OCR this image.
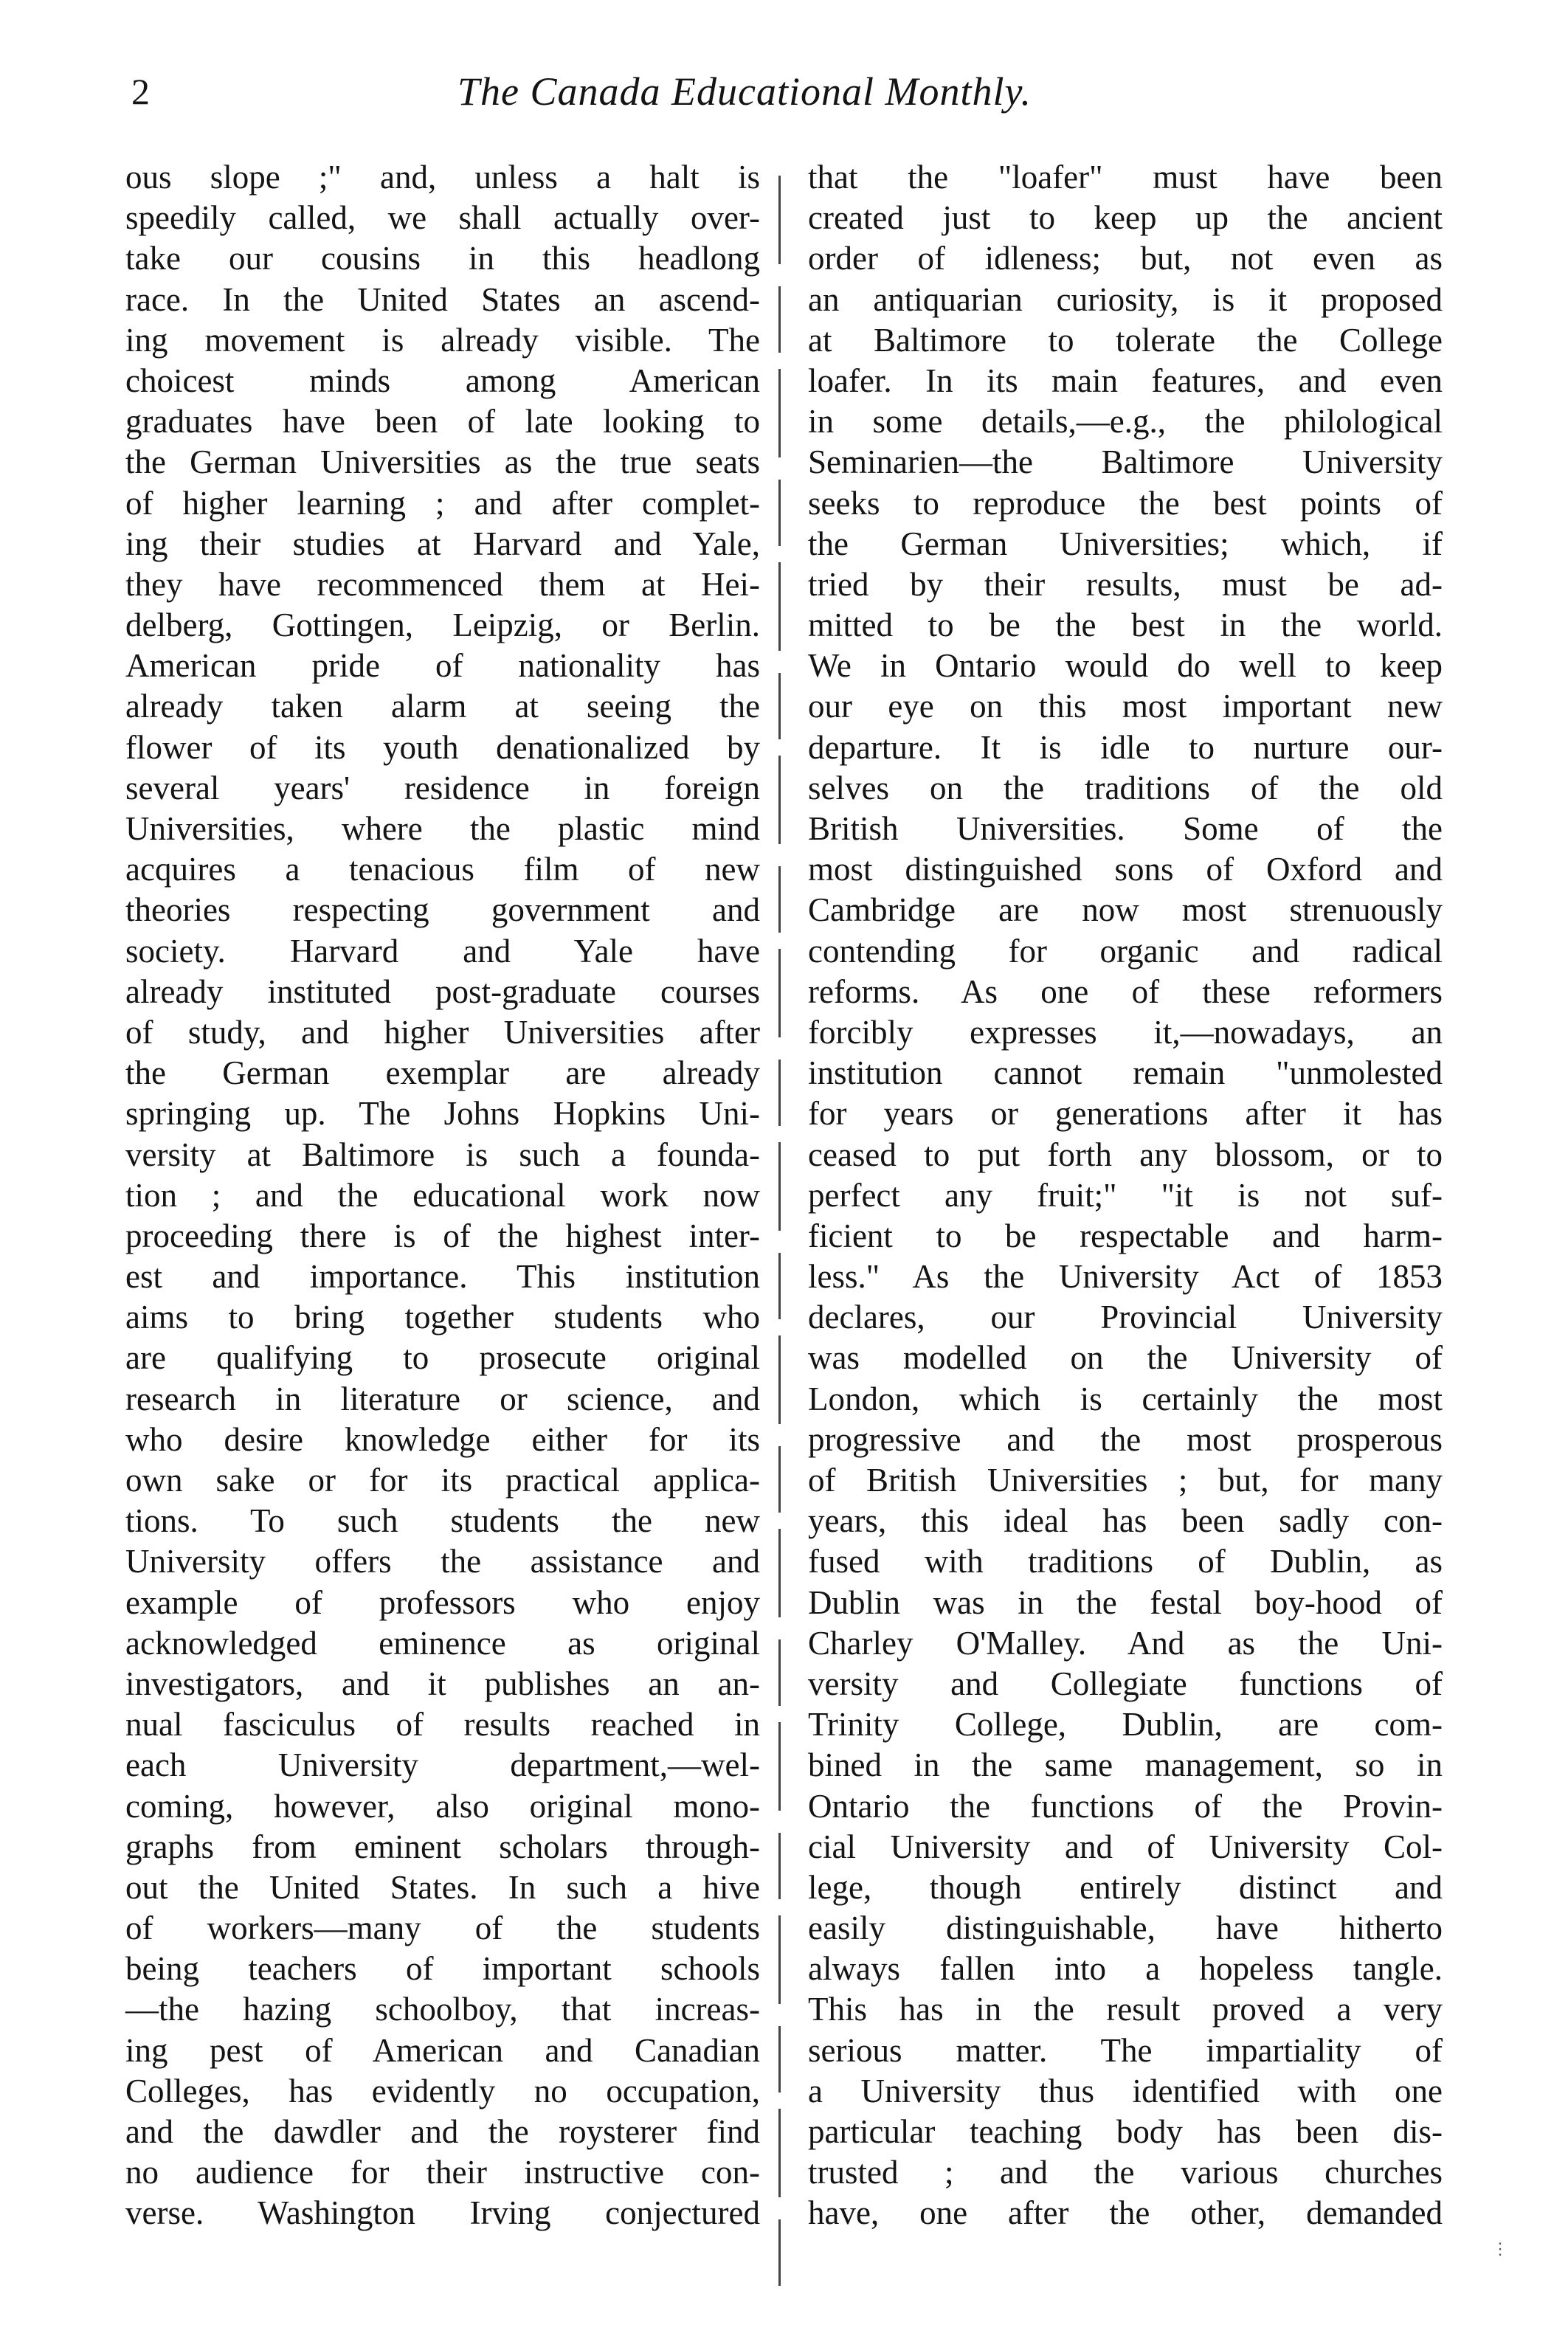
2	The Canada Educational Monthly.
ous slope ;" and, unless a halt is
speedily called, we shall actually over-
take our cousins in this headlong
race. In the United States an ascend-
ing movement is already visible. The
choicest minds among American
graduates have been of late looking to
the German Universities as the true seats
of higher learning ; and after complet-
ing their studies at Harvard and Yale,
they have recommenced them at Hei-
delberg, Gottingen, Leipzig, or Berlin.
American pride of nationality has
already taken alarm at seeing the
flower of its youth denationalized by
several years' residence in foreign
Universities, where the plastic mind
acquires a tenacious film of new
theories respecting government and
society. Harvard and Yale have
already instituted post-graduate courses
of study, and higher Universities after
the German exemplar are already
springing up. The Johns Hopkins Uni-
versity at Baltimore is such a founda-
tion ; and the educational work now
proceeding there is of the highest inter-
est and importance. This institution
aims to bring together students who
are qualifying to prosecute original
research in literature or science, and
who desire knowledge either for its
own sake or for its practical applica-
tions. To such students the new
University offers the assistance and
example of professors who enjoy
acknowledged eminence as original
investigators, and it publishes an an-
nual fasciculus of results reached in
each University department,—wel-
coming, however, also original mono-
graphs from eminent scholars through-
out the United States. In such a hive
of workers—many of the students
being teachers of important schools
—the hazing schoolboy, that increas-
ing pest of American and Canadian
Colleges, has evidently no occupation,
and the dawdler and the roysterer find
no audience for their instructive con-
verse. Washington Irving conjectured
that the "loafer" must have been
created just to keep up the ancient
order of idleness; but, not even as
an antiquarian curiosity, is it proposed
at Baltimore to tolerate the College
loafer. In its main features, and even
in some details,—e.g., the philological
Seminarien—the Baltimore University
seeks to reproduce the best points of
the German Universities; which, if
tried by their results, must be ad-
mitted to be the best in the world.
We in Ontario would do well to keep
our eye on this most important new
departure. It is idle to nurture our-
selves on the traditions of the old
British Universities. Some of the
most distinguished sons of Oxford and
Cambridge are now most strenuously
contending for organic and radical
reforms. As one of these reformers
forcibly expresses it,—nowadays, an
institution cannot remain "unmolested
for years or generations after it has
ceased to put forth any blossom, or to
perfect any fruit;" "it is not suf-
ficient to be respectable and harm-
less." As the University Act of 1853
declares, our Provincial University
was modelled on the University of
London, which is certainly the most
progressive and the most prosperous
of British Universities ; but, for many
years, this ideal has been sadly con-
fused with traditions of Dublin, as
Dublin was in the festal boy-hood of
Charley O'Malley. And as the Uni-
versity and Collegiate functions of
Trinity College, Dublin, are com-
bined in the same management, so in
Ontario the functions of the Provin-
cial University and of University Col-
lege, though entirely distinct and
easily distinguishable, have hitherto
always fallen into a hopeless tangle.
This has in the result proved a very
serious matter. The impartiality of
a University thus identified with one
particular teaching body has been dis-
trusted ; and the various churches
have, one after the other, demanded
⋮
